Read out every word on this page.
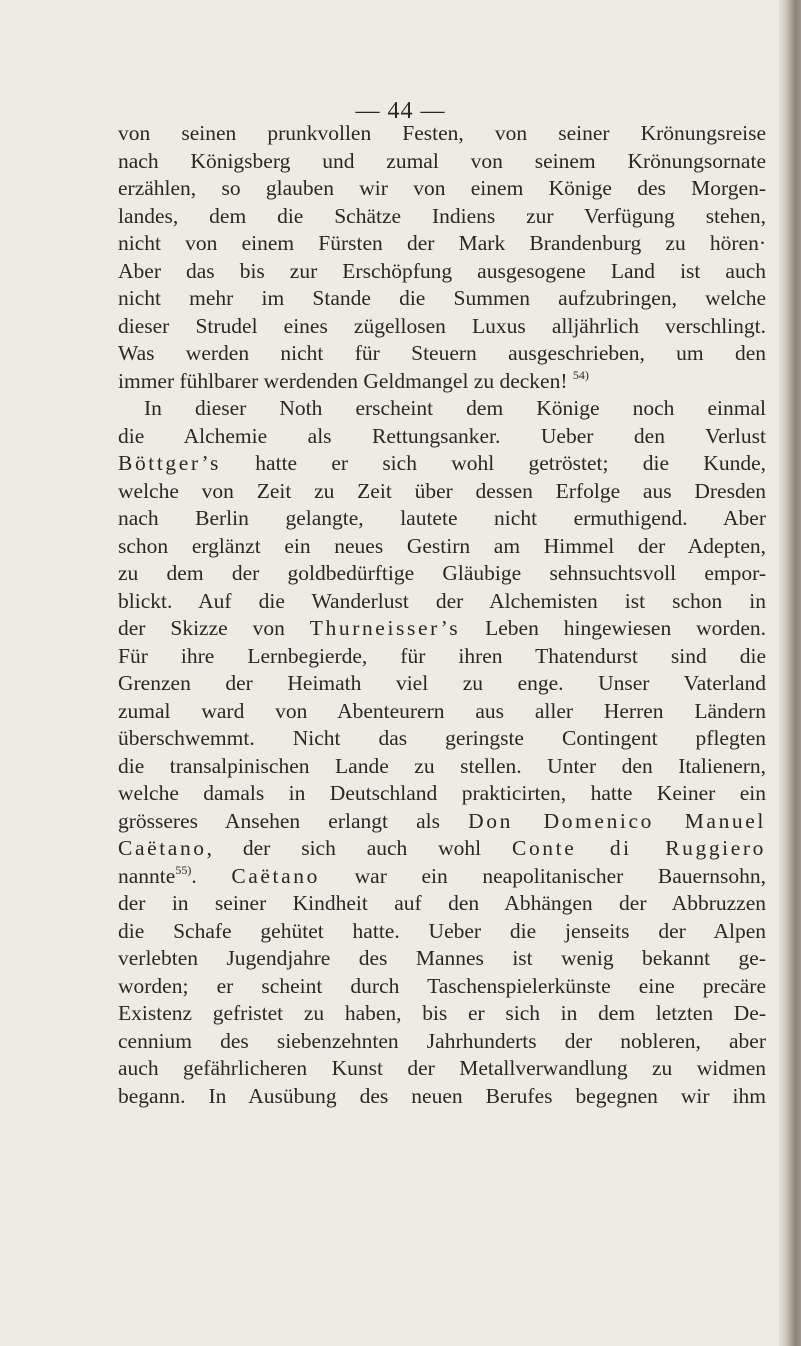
— 44 —
von seinen prunkvollen Festen, von seiner Krönungsreise
nach Königsberg und zumal von seinem Krönungsornate
erzählen, so glauben wir von einem Könige des Morgen-
landes, dem die Schätze Indiens zur Verfügung stehen,
nicht von einem Fürsten der Mark Brandenburg zu hören·
Aber das bis zur Erschöpfung ausgesogene Land ist auch
nicht mehr im Stande die Summen aufzubringen, welche
dieser Strudel eines zügellosen Luxus alljährlich verschlingt.
Was werden nicht für Steuern ausgeschrieben, um den
immer fühlbarer werdenden Geldmangel zu decken! $^{54)}$
In dieser Noth erscheint dem Könige noch einmal
die Alchemie als Rettungsanker. Ueber den Verlust
Böttger’s hatte er sich wohl getröstet; die Kunde,
welche von Zeit zu Zeit über dessen Erfolge aus Dresden
nach Berlin gelangte, lautete nicht ermuthigend. Aber
schon erglänzt ein neues Gestirn am Himmel der Adepten,
zu dem der goldbedürftige Gläubige sehnsuchtsvoll empor-
blickt. Auf die Wanderlust der Alchemisten ist schon in
der Skizze von Thurneisser’s Leben hingewiesen worden.
Für ihre Lernbegierde, für ihren Thatendurst sind die
Grenzen der Heimath viel zu enge. Unser Vaterland
zumal ward von Abenteurern aus aller Herren Ländern
überschwemmt. Nicht das geringste Contingent pflegten
die transalpinischen Lande zu stellen. Unter den Italienern,
welche damals in Deutschland prakticirten, hatte Keiner ein
grösseres Ansehen erlangt als Don Domenico Manuel
Caëtano, der sich auch wohl Conte di Ruggiero
nannte$^{55)}$. Caëtano war ein neapolitanischer Bauernsohn,
der in seiner Kindheit auf den Abhängen der Abbruzzen
die Schafe gehütet hatte. Ueber die jenseits der Alpen
verlebten Jugendjahre des Mannes ist wenig bekannt ge-
worden; er scheint durch Taschenspielerkünste eine precäre
Existenz gefristet zu haben, bis er sich in dem letzten De-
cennium des siebenzehnten Jahrhunderts der nobleren, aber
auch gefährlicheren Kunst der Metallverwandlung zu widmen
begann. In Ausübung des neuen Berufes begegnen wir ihm
